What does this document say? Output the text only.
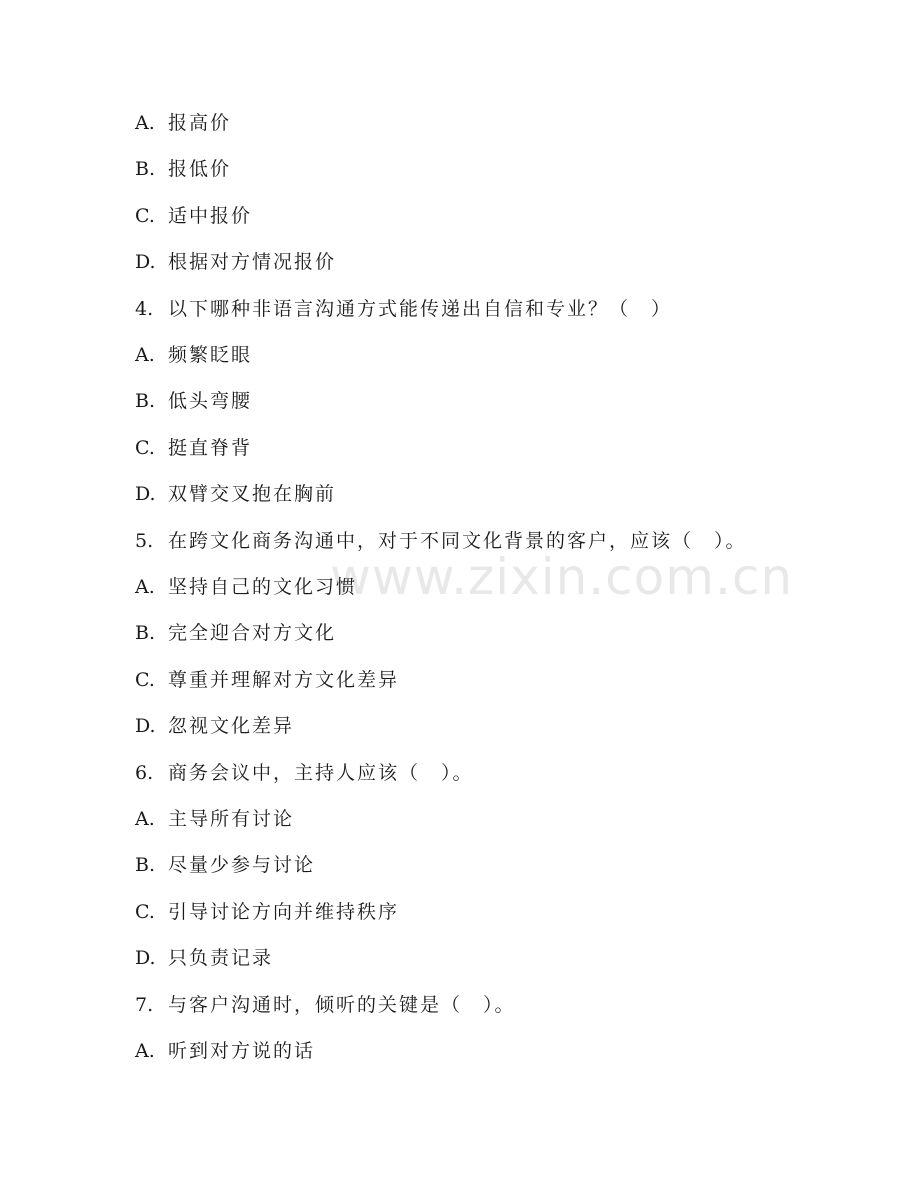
www.zixin.com.cn
A. 报高价
B. 报低价
C. 适中报价
D. 根据对方情况报价
4. 以下哪种非语言沟通方式能传递出自信和专业？（　）
A. 频繁眨眼
B. 低头弯腰
C. 挺直脊背
D. 双臂交叉抱在胸前
5. 在跨文化商务沟通中，对于不同文化背景的客户，应该（　）。
A. 坚持自己的文化习惯
B. 完全迎合对方文化
C. 尊重并理解对方文化差异
D. 忽视文化差异
6. 商务会议中，主持人应该（　）。
A. 主导所有讨论
B. 尽量少参与讨论
C. 引导讨论方向并维持秩序
D. 只负责记录
7. 与客户沟通时，倾听的关键是（　）。
A. 听到对方说的话
